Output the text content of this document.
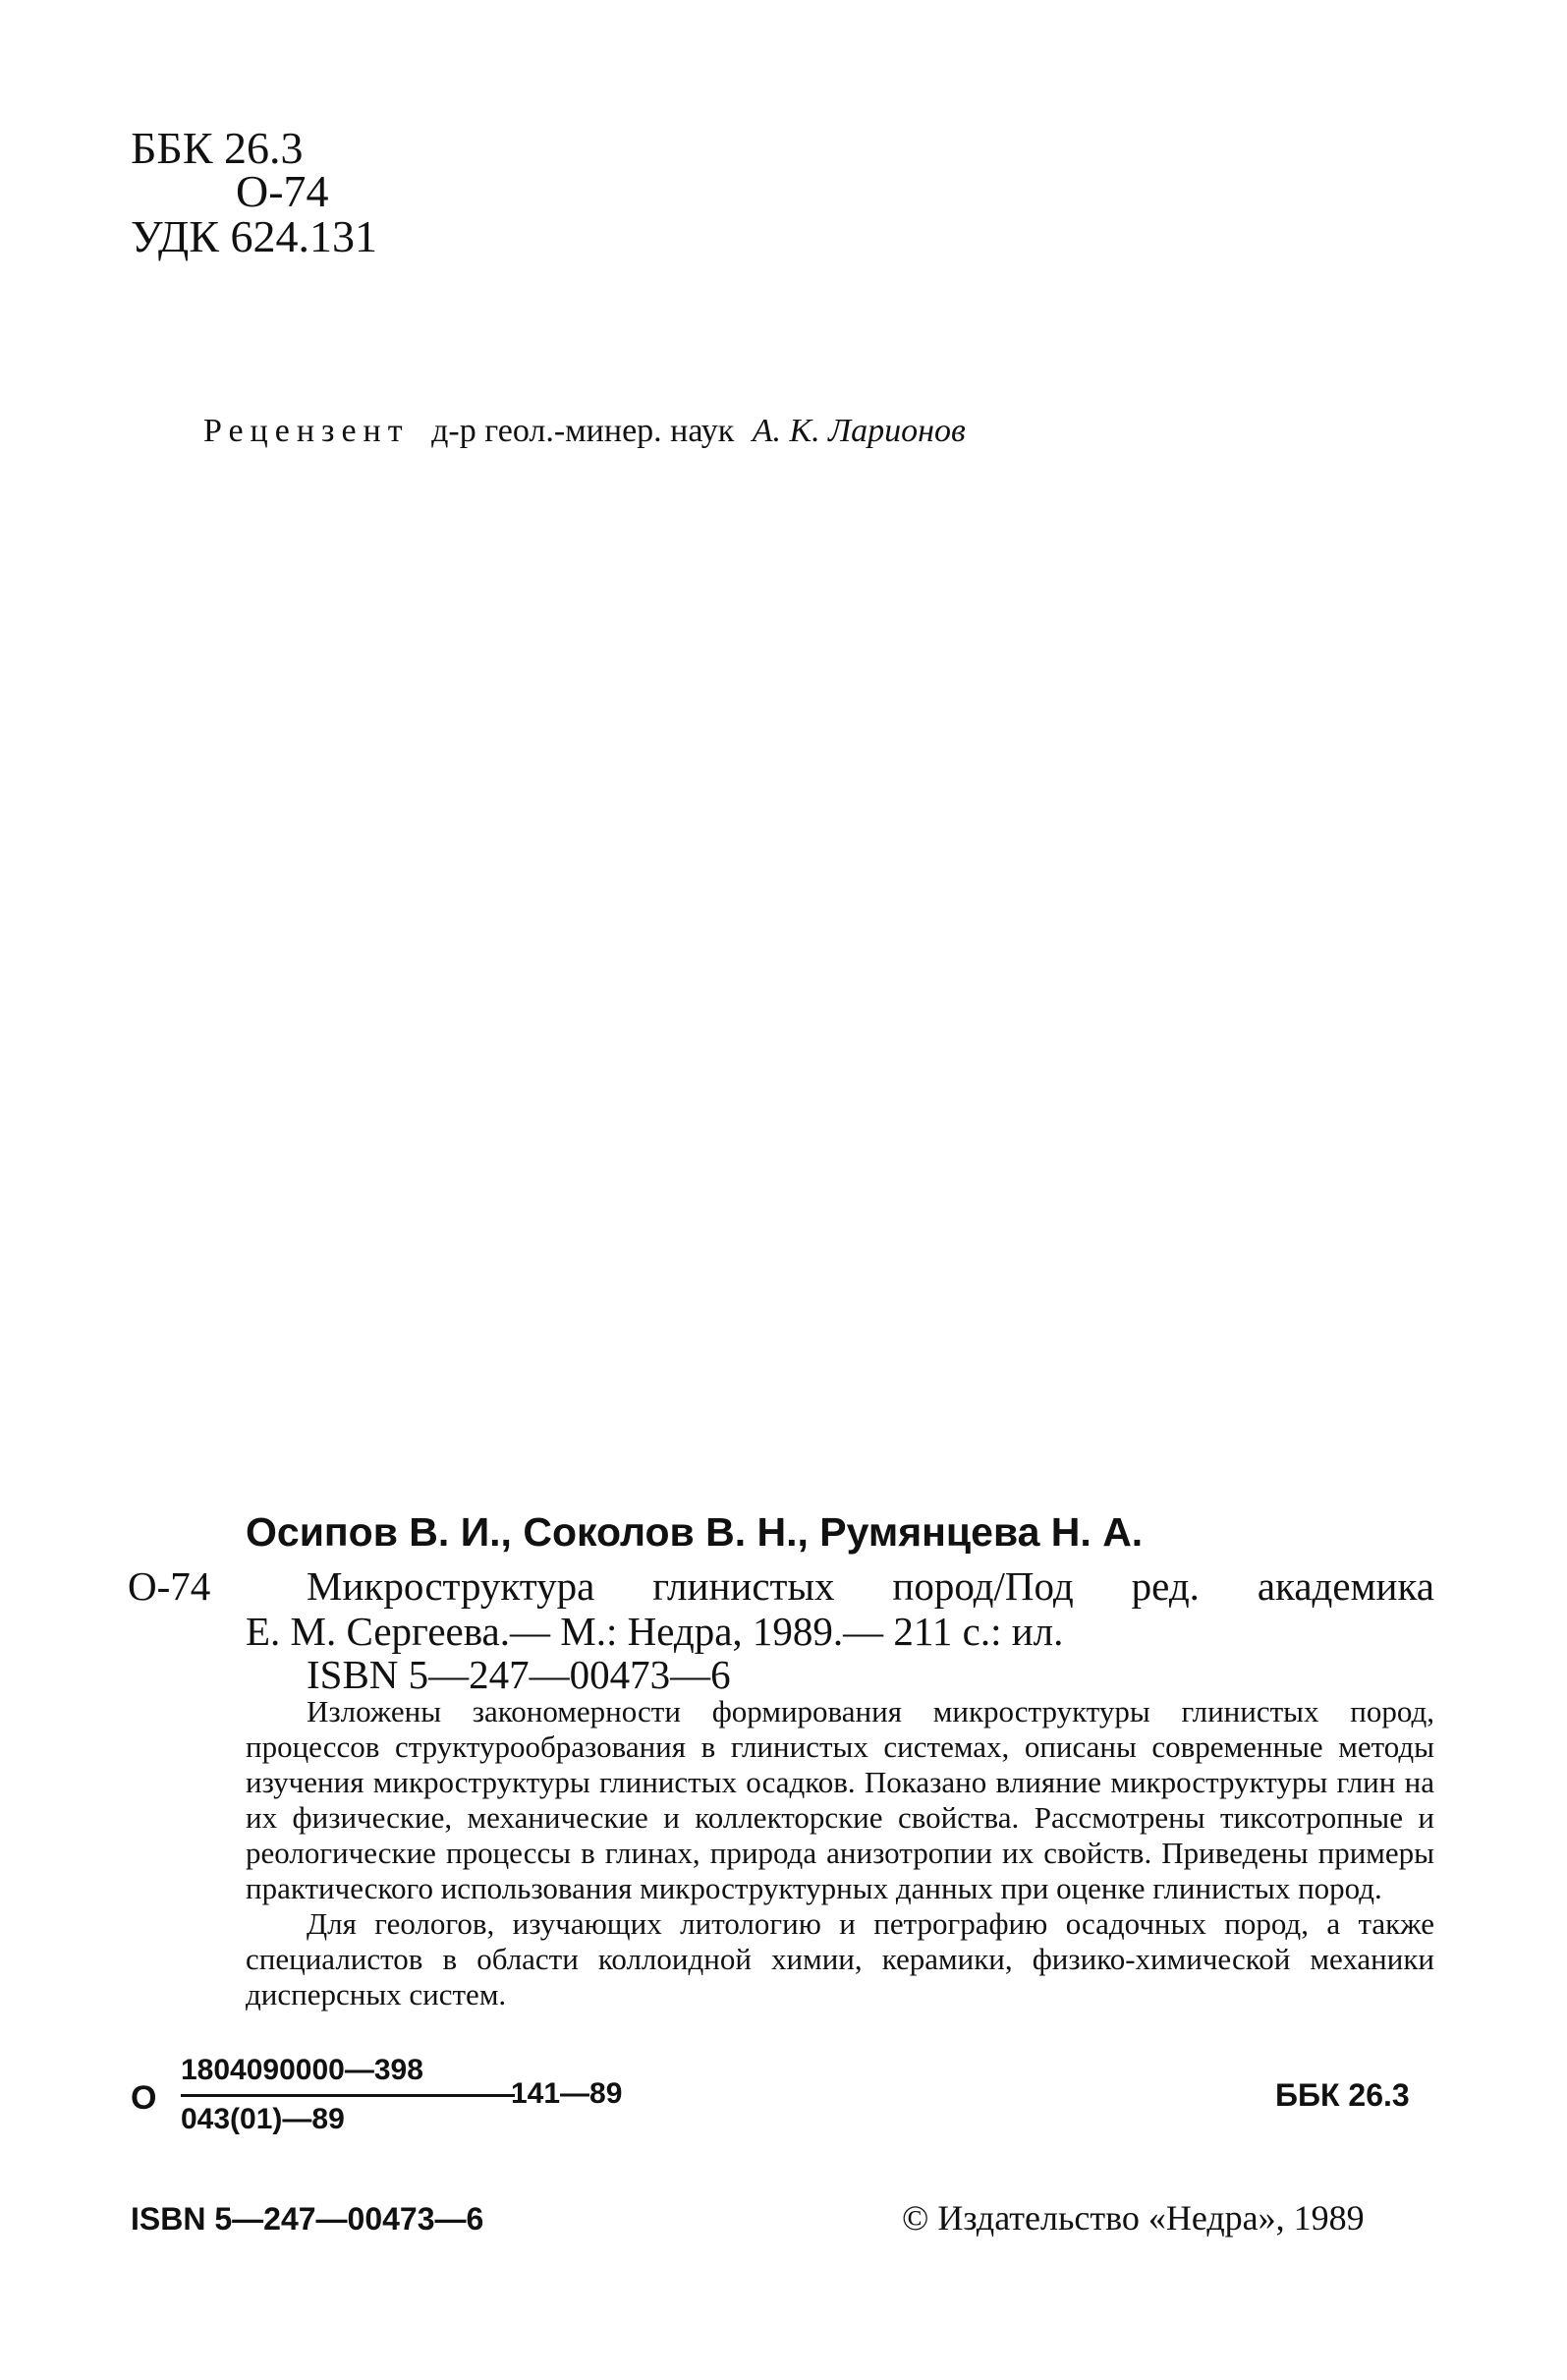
ББК 26.3
О-74
УДК 624.131
Рецензент д-р геол.-минер. наук А. К. Ларионов
Осипов В. И., Соколов В. Н., Румянцева Н. А.
О-74 Микроструктура глинистых пород/Под ред. академика
Е. М. Сергеева.— М.: Недра, 1989.— 211 с.: ил.
ISBN 5—247—00473—6

Изложены закономерности формирования микроструктуры глинистых пород, процессов структурообразования в глинистых системах, описаны современные методы изучения микроструктуры глинистых осадков. Показано влияние микроструктуры глин на их физические, механические и коллекторские свойства. Рассмотрены тиксотропные и реологические процессы в глинах, природа анизотропии их свойств. Приведены примеры практического использования микроструктурных данных при оценке глинистых пород.

Для геологов, изучающих литологию и петрографию осадочных пород, а также специалистов в области коллоидной химии, керамики, физико-химической механики дисперсных систем.

О
1804090000—398
043(01)—89
141—89	ББК 26.3
ISBN 5—247—00473—6	© Издательство «Недра», 1989
